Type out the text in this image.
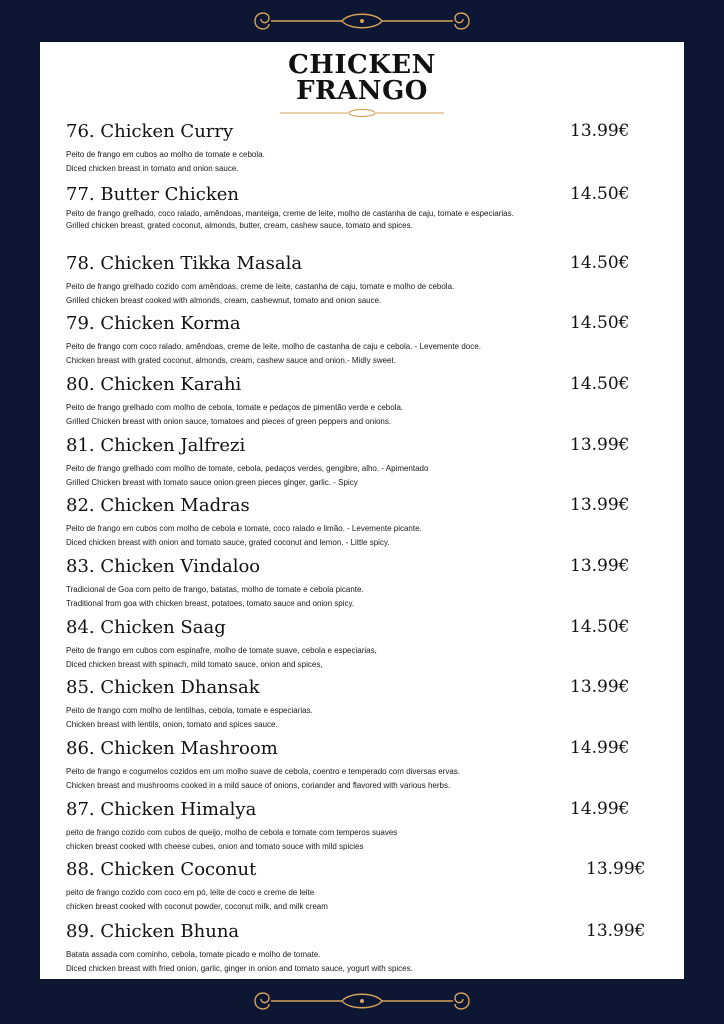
CHICKEN
FRANGO
76. Chicken Curry	13.99€
Peito de frango em cubos ao molho de tomate e cebola.
Diced chicken breast in tomato and onion sauce.
77. Butter Chicken	14.50€
Peito de frango grelhado, coco ralado, amêndoas, manteiga, creme de leite, molho de castanha de caju, tomate e especiarias.
Grilled chicken breast, grated coconut, almonds, butter, cream, cashew sauce, tomato and spices.
78. Chicken Tikka Masala	14.50€
Peito de frango grelhado cozido com amêndoas, creme de leite, castanha de caju, tomate e molho de cebola.
Grilled chicken breast cooked with almonds, cream, cashewnut, tomato and onion sauce.
79. Chicken Korma	14.50€
Peito de frango com coco ralado, amêndoas, creme de leite, molho de castanha de caju e cebola. - Levemente doce.
Chicken breast with grated coconut, almonds, cream, cashew sauce and onion.- Midly sweet.
80. Chicken Karahi	14.50€
Peito de frango grelhado com molho de cebola, tomate e pedaços de pimentão verde e cebola.
Grilled Chicken breast with onion sauce, tomatoes and pieces of green peppers and onions.
81. Chicken Jalfrezi	13.99€
Peito de frango grelhado com molho de tomate, cebola, pedaços verdes, gengibre, alho. - Apimentado
Grilled Chicken breast with tomato sauce onion green pieces ginger, garlic. - Spicy
82. Chicken Madras	13.99€
Peito de frango em cubos com molho de cebola e tomate, coco ralado e limão. - Levemente picante.
Diced chicken breast with onion and tomato sauce, grated coconut and lemon. - Little spicy.
83. Chicken Vindaloo	13.99€
Tradicional de Goa com peito de frango, batatas, molho de tomate e cebola picante.
Traditional from goa with chicken breast, potatoes, tomato sauce and onion spicy.
84. Chicken Saag	14.50€
Peito de frango em cubos com espinafre, molho de tomate suave, cebola e especiarias,
Diced chicken breast with spinach, mild tomato sauce, onion and spices,
85. Chicken Dhansak	13.99€
Peito de frango com molho de lentilhas, cebola, tomate e especiarias.
Chicken breast with lentils, onion, tomato and spices sauce.
86. Chicken Mashroom	14.99€
Peito de frango e cogumelos cozidos em um molho suave de cebola, coentro e temperado com diversas ervas.
Chicken breast and mushrooms cooked in a mild sauce of onions, coriander and flavored with various herbs.
87. Chicken Himalya	14.99€
peito de frango cozido com cubos de queijo, molho de cebola e tomate com temperos suaves
chicken breast cooked with cheese cubes, onion and tomato souce with mild spicies
88. Chicken Coconut	13.99€
peito de frango cozido com coco em pó, leite de coco e creme de leite
chicken breast cooked with coconut powder, coconut milk, and milk cream
89. Chicken Bhuna	13.99€
Batata assada com cominho, cebola, tomate picado e molho de tomate.
Diced chicken breast with fried onion, garlic, ginger in onion and tomato sauce, yogurt with spices.
